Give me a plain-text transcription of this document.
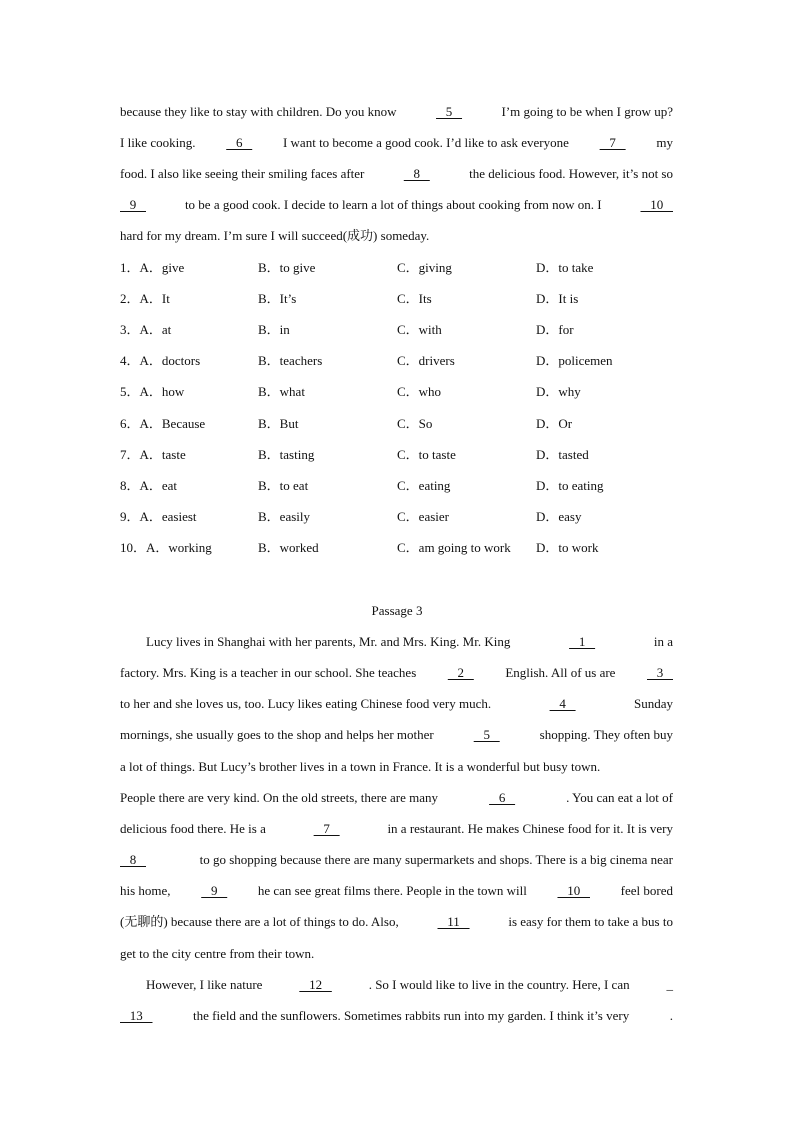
because they like to stay with children. Do you know	5	I’m going to be when I grow up?
I like cooking. 6 I want to become a good cook. I’d like to ask everyone 7 my
food. I also like seeing their smiling faces after	8	the delicious food. However, it’s not so
9	to be a good cook. I decide to learn a lot of things about cooking from now on. I	10
hard for my dream. I’m sure I will succeed(成功) someday.
1．A．give	B．to give	C．giving	D．to take
2．A．It	B．It’s	C．Its	D．It is
3．A．at	B．in	C．with	D．for
4．A．doctors	B．teachers	C．drivers	D．policemen
5．A．how	B．what	C．who	D．why
6．A．Because	B．But	C．So	D．Or
7．A．taste	B．tasting	C．to taste	D．tasted
8．A．eat	B．to eat	C．eating	D．to eating
9．A．easiest	B．easily	C．easier	D．easy
10．A．working	B．worked	C．am going to work D．to work
Passage 3
Lucy lives in Shanghai with her parents, Mr. and Mrs. King. Mr. King	1	in a
factory. Mrs. King is a teacher in our school. She teaches 2 English. All of us are 3
to her and she loves us, too. Lucy likes eating Chinese food very much.	4	Sunday
mornings, she usually goes to the shop and helps her mother	5	shopping. They often buy
a lot of things. But Lucy’s brother lives in a town in France. It is a wonderful but busy town.
People there are very kind. On the old streets, there are many	6	. You can eat a lot of
delicious food there. He is a	7	in a restaurant. He makes Chinese food for it. It is very
8	to go shopping because there are many supermarkets and shops. There is a big cinema near
his home, 9 he can see great films there. People in the town will 10 feel bored
(无聊的) because there are a lot of things to do. Also,	11	is easy for them to take a bus to
get to the city centre from their town.
However, I like nature	12	. So I would like to live in the country. Here, I can	_
13	the field and the sunflowers. Sometimes rabbits run into my garden. I think it’s very	.
